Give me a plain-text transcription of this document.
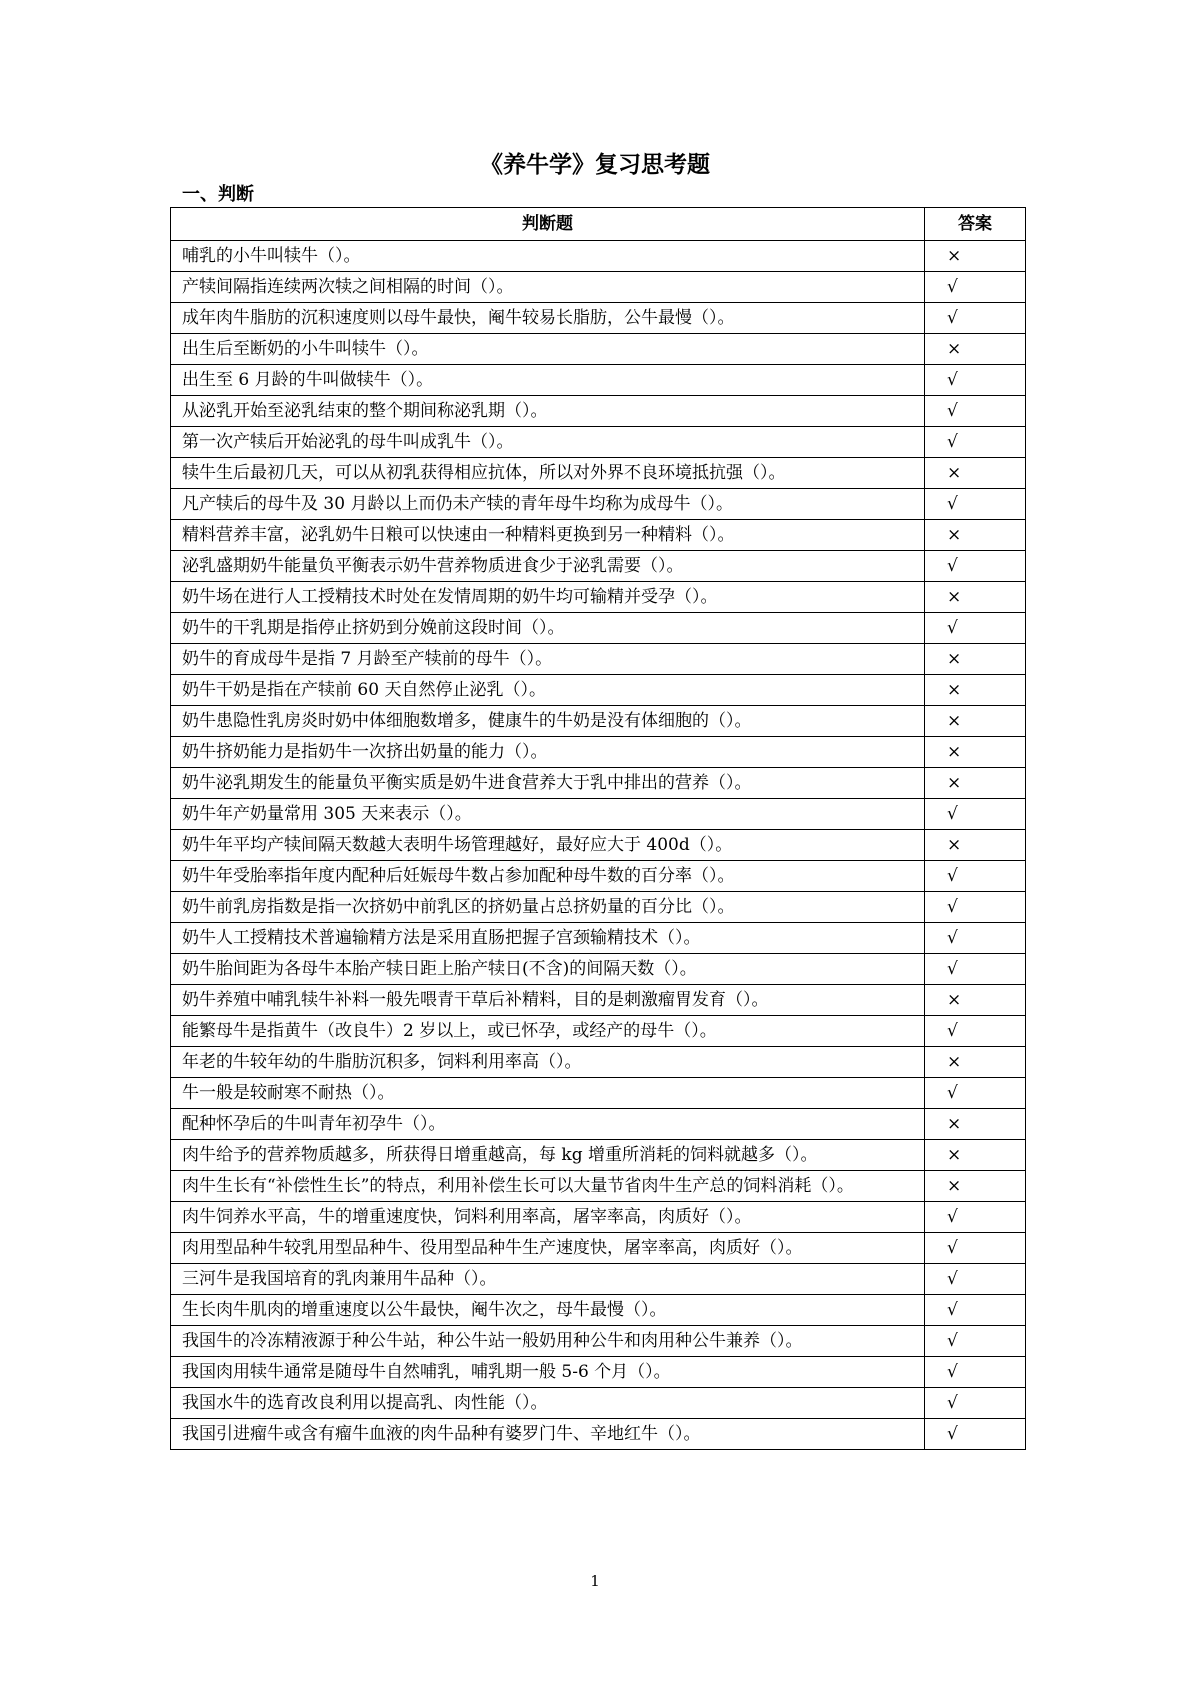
《养牛学》复习思考题
一、判断
判断题	答案
哺乳的小牛叫犊牛（）。	×
产犊间隔指连续两次犊之间相隔的时间（）。	√
成年肉牛脂肪的沉积速度则以母牛最快，阉牛较易长脂肪，公牛最慢（）。	√
出生后至断奶的小牛叫犊牛（）。	×
出生至 6 月龄的牛叫做犊牛（）。	√
从泌乳开始至泌乳结束的整个期间称泌乳期（）。	√
第一次产犊后开始泌乳的母牛叫成乳牛（）。	√
犊牛生后最初几天，可以从初乳获得相应抗体，所以对外界不良环境抵抗强（）。	×
凡产犊后的母牛及 30 月龄以上而仍未产犊的青年母牛均称为成母牛（）。	√
精料营养丰富，泌乳奶牛日粮可以快速由一种精料更换到另一种精料（）。	×
泌乳盛期奶牛能量负平衡表示奶牛营养物质进食少于泌乳需要（）。	√
奶牛场在进行人工授精技术时处在发情周期的奶牛均可输精并受孕（）。	×
奶牛的干乳期是指停止挤奶到分娩前这段时间（）。	√
奶牛的育成母牛是指 7 月龄至产犊前的母牛（）。	×
奶牛干奶是指在产犊前 60 天自然停止泌乳（）。	×
奶牛患隐性乳房炎时奶中体细胞数增多，健康牛的牛奶是没有体细胞的（）。	×
奶牛挤奶能力是指奶牛一次挤出奶量的能力（）。	×
奶牛泌乳期发生的能量负平衡实质是奶牛进食营养大于乳中排出的营养（）。	×
奶牛年产奶量常用 305 天来表示（）。	√
奶牛年平均产犊间隔天数越大表明牛场管理越好，最好应大于 400d（）。	×
奶牛年受胎率指年度内配种后妊娠母牛数占参加配种母牛数的百分率（）。	√
奶牛前乳房指数是指一次挤奶中前乳区的挤奶量占总挤奶量的百分比（）。	√
奶牛人工授精技术普遍输精方法是采用直肠把握子宫颈输精技术（）。	√
奶牛胎间距为各母牛本胎产犊日距上胎产犊日(不含)的间隔天数（）。	√
奶牛养殖中哺乳犊牛补料一般先喂青干草后补精料，目的是刺激瘤胃发育（）。	×
能繁母牛是指黄牛（改良牛）2 岁以上，或已怀孕，或经产的母牛（）。	√
年老的牛较年幼的牛脂肪沉积多，饲料利用率高（）。	×
牛一般是较耐寒不耐热（）。	√
配种怀孕后的牛叫青年初孕牛（）。	×
肉牛给予的营养物质越多，所获得日增重越高，每 kg 增重所消耗的饲料就越多（）。	×
肉牛生长有“补偿性生长”的特点，利用补偿生长可以大量节省肉牛生产总的饲料消耗（）。	×
肉牛饲养水平高，牛的增重速度快，饲料利用率高，屠宰率高，肉质好（）。	√
肉用型品种牛较乳用型品种牛、役用型品种牛生产速度快，屠宰率高，肉质好（）。	√
三河牛是我国培育的乳肉兼用牛品种（）。	√
生长肉牛肌肉的增重速度以公牛最快，阉牛次之，母牛最慢（）。	√
我国牛的冷冻精液源于种公牛站，种公牛站一般奶用种公牛和肉用种公牛兼养（）。	√
我国肉用犊牛通常是随母牛自然哺乳，哺乳期一般 5-6 个月（）。	√
我国水牛的选育改良利用以提高乳、肉性能（）。	√
我国引进瘤牛或含有瘤牛血液的肉牛品种有婆罗门牛、辛地红牛（）。	√
1
